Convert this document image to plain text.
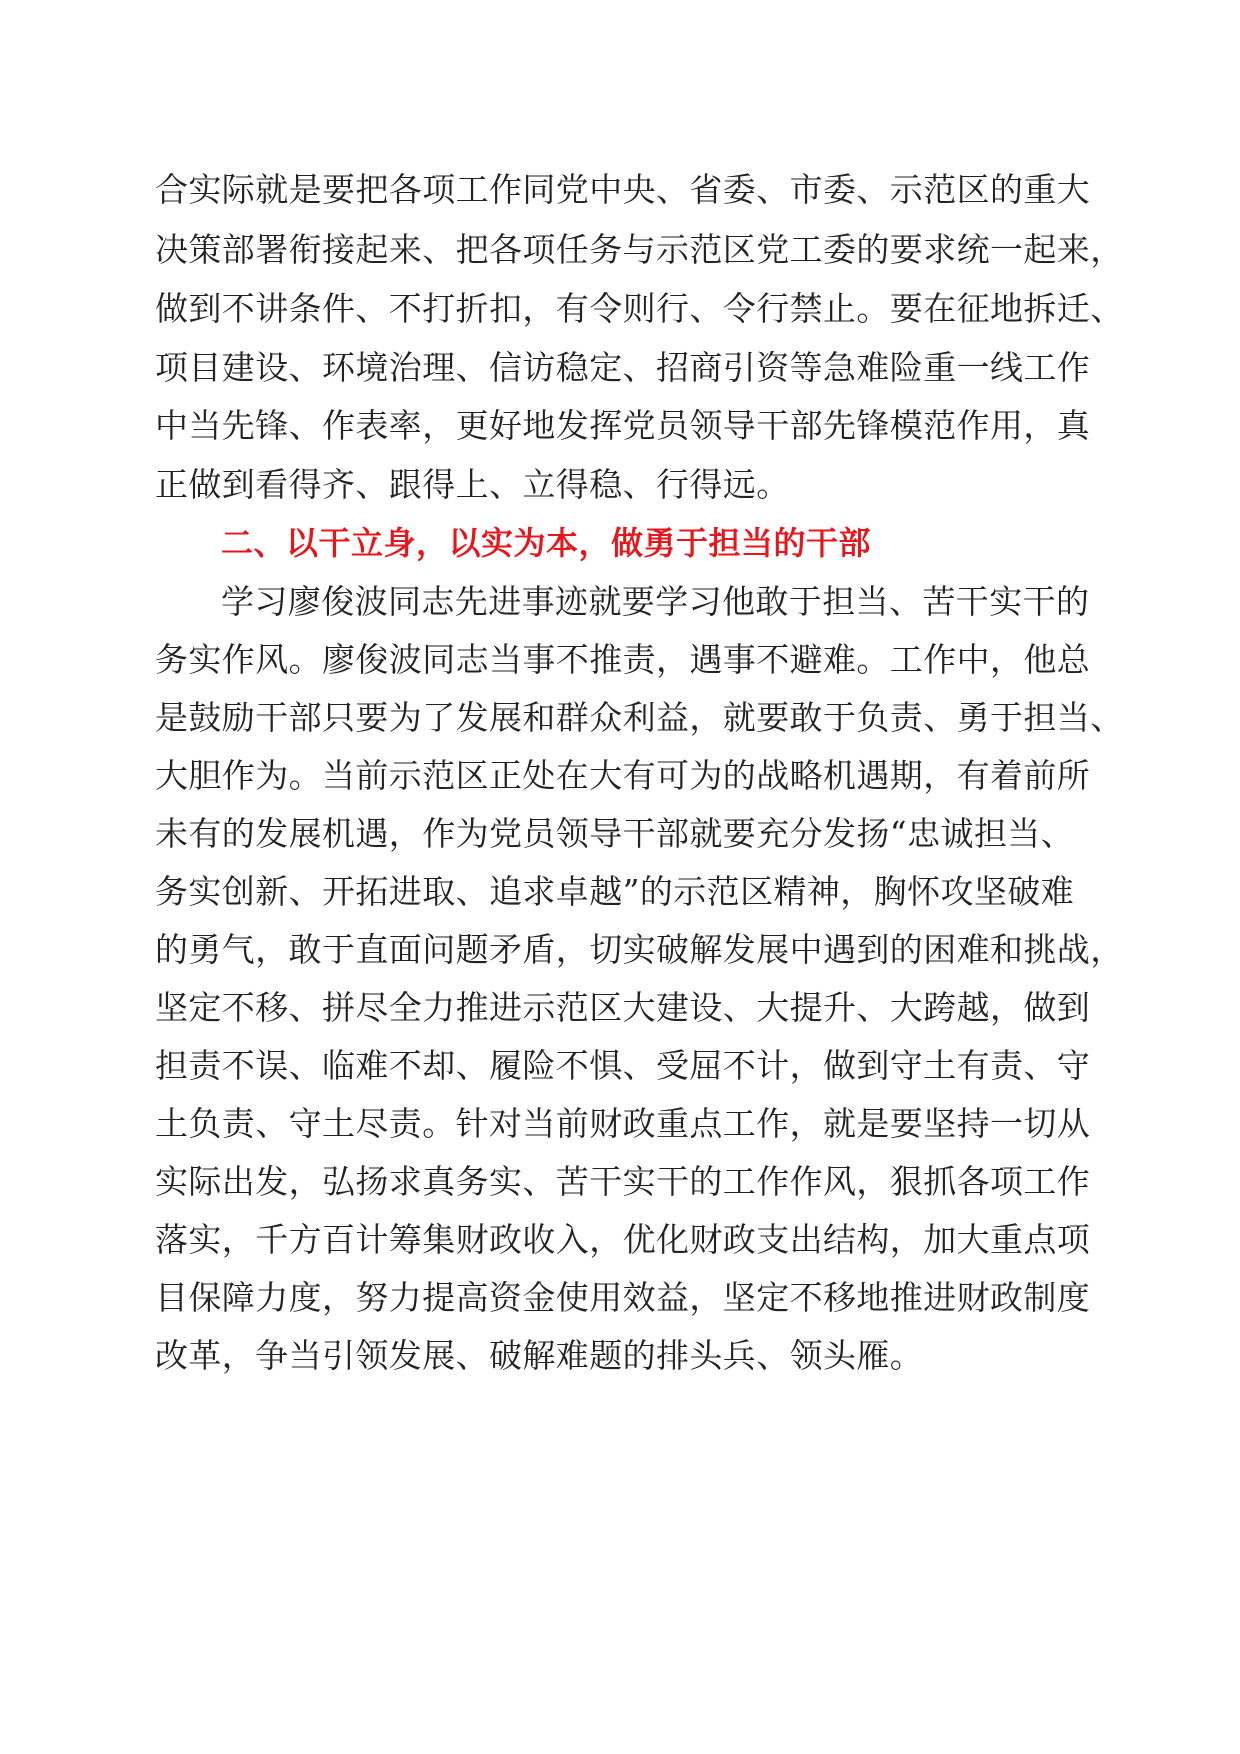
合实际就是要把各项工作同党中央、省委、市委、示范区的重大
决策部署衔接起来、把各项任务与示范区党工委的要求统一起来，
做到不讲条件、不打折扣，有令则行、令行禁止。要在征地拆迁、
项目建设、环境治理、信访稳定、招商引资等急难险重一线工作
中当先锋、作表率，更好地发挥党员领导干部先锋模范作用，真
正做到看得齐、跟得上、立得稳、行得远。
二、以干立身，以实为本，做勇于担当的干部
学习廖俊波同志先进事迹就要学习他敢于担当、苦干实干的
务实作风。廖俊波同志当事不推责，遇事不避难。工作中，他总
是鼓励干部只要为了发展和群众利益，就要敢于负责、勇于担当、
大胆作为。当前示范区正处在大有可为的战略机遇期，有着前所
未有的发展机遇，作为党员领导干部就要充分发扬“忠诚担当、
务实创新、开拓进取、追求卓越”的示范区精神，胸怀攻坚破难
的勇气，敢于直面问题矛盾，切实破解发展中遇到的困难和挑战，
坚定不移、拼尽全力推进示范区大建设、大提升、大跨越，做到
担责不误、临难不却、履险不惧、受屈不计，做到守土有责、守
土负责、守土尽责。针对当前财政重点工作，就是要坚持一切从
实际出发，弘扬求真务实、苦干实干的工作作风，狠抓各项工作
落实，千方百计筹集财政收入，优化财政支出结构，加大重点项
目保障力度，努力提高资金使用效益，坚定不移地推进财政制度
改革，争当引领发展、破解难题的排头兵、领头雁。
